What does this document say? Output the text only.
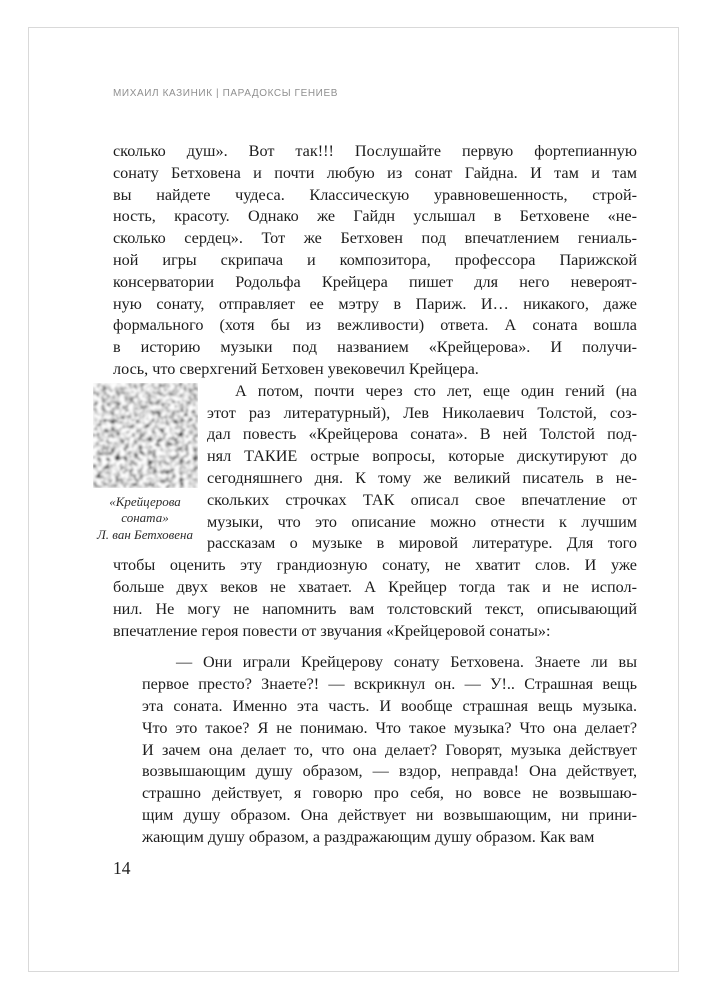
МИХАИЛ КАЗИНИК | ПАРАДОКСЫ ГЕНИЕВ
сколько душ». Вот так!!! Послушайте первую фортепианную
сонату Бетховена и почти любую из сонат Гайдна. И там и там
вы найдете чудеса. Классическую уравновешенность, строй-
ность, красоту. Однако же Гайдн услышал в Бетховене «не-
сколько сердец». Тот же Бетховен под впечатлением гениаль-
ной игры скрипача и композитора, профессора Парижской
консерватории Родольфа Крейцера пишет для него невероят-
ную сонату, отправляет ее мэтру в Париж. И… никакого, даже
формального (хотя бы из вежливости) ответа. А соната вошла
в историю музыки под названием «Крейцерова». И получи-
лось, что сверхгений Бетховен увековечил Крейцера.
«Крейцерова
соната»
Л. ван Бетховена
А потом, почти через сто лет, еще один гений (на
этот раз литературный), Лев Николаевич Толстой, соз-
дал повесть «Крейцерова соната». В ней Толстой под-
нял ТАКИЕ острые вопросы, которые дискутируют до
сегодняшнего дня. К тому же великий писатель в не-
скольких строчках ТАК описал свое впечатление от
музыки, что это описание можно отнести к лучшим
рассказам о музыке в мировой литературе. Для того
чтобы оценить эту грандиозную сонату, не хватит слов. И уже
больше двух веков не хватает. А Крейцер тогда так и не испол-
нил. Не могу не напомнить вам толстовский текст, описывающий
впечатление героя повести от звучания «Крейцеровой сонаты»:
— Они играли Крейцерову сонату Бетховена. Знаете ли вы
первое престо? Знаете?! — вскрикнул он. — У!.. Страшная вещь
эта соната. Именно эта часть. И вообще страшная вещь музыка.
Что это такое? Я не понимаю. Что такое музыка? Что она делает?
И зачем она делает то, что она делает? Говорят, музыка действует
возвышающим душу образом, — вздор, неправда! Она действует,
страшно действует, я говорю про себя, но вовсе не возвышаю-
щим душу образом. Она действует ни возвышающим, ни прини-
жающим душу образом, а раздражающим душу образом. Как вам
14
